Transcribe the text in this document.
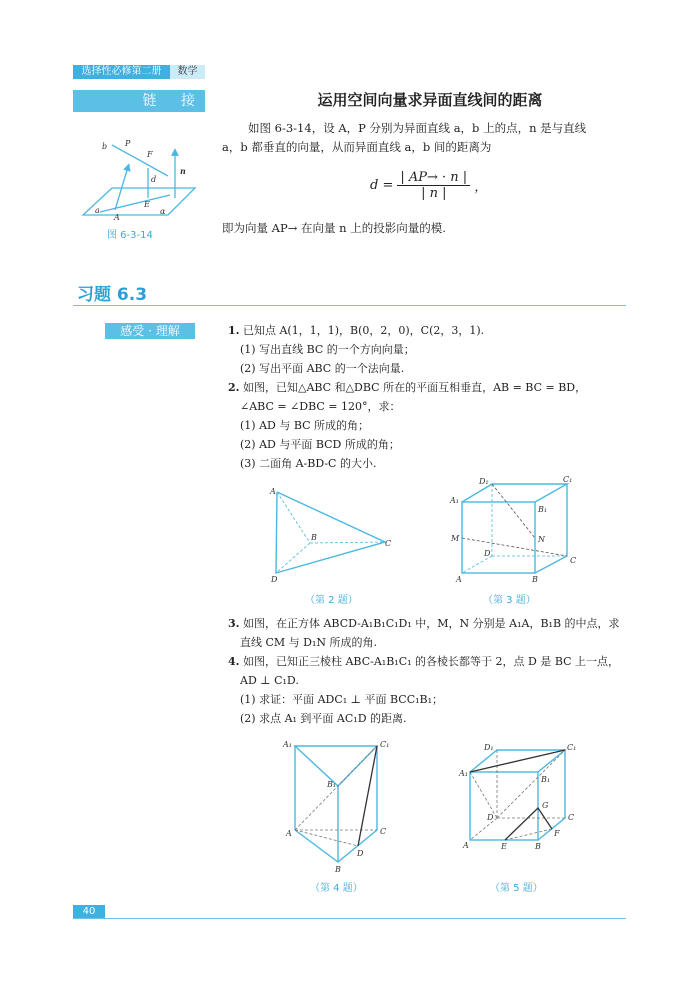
选择性必修第二册	数学
链 接	运用空间向量求异面直线间的距离
如图 6-3-14，设 A，P 分别为异面直线 a，b 上的点，n 是与直线
a，b 都垂直的向量，从而异面直线 a，b 间的距离为
$d = \frac{| AP\to \cdot n |}{| n |}$ ，
即为向量 AP→ 在向量 n 上的投影向量的模.
图 6-3-14
习题 6.3
感受 · 理解	1. 已知点 A(1，1，1)，B(0，2，0)，C(2，3，1).
(1) 写出直线 BC 的一个方向向量；
(2) 写出平面 ABC 的一个法向量.
2. 如图，已知△ABC 和△DBC 所在的平面互相垂直，AB = BC = BD，
∠ABC = ∠DBC = 120°，求：
(1) AD 与 BC 所成的角；
(2) AD 与平面 BCD 所成的角；
(3) 二面角 A-BD-C 的大小.
3. 如图，在正方体 ABCD-A₁B₁C₁D₁ 中，M，N 分别是 A₁A，B₁B 的中点，求
直线 CM 与 D₁N 所成的角.
4. 如图，已知正三棱柱 ABC-A₁B₁C₁ 的各棱长都等于 2，点 D 是 BC 上一点，
AD ⊥ C₁D.
(1) 求证：平面 ADC₁ ⊥ 平面 BCC₁B₁；
(2) 求点 A₁ 到平面 AC₁D 的距离.
（第 2 题）	（第 3 题）
（第 4 题）	（第 5 题）
b P
F
d
n
E
a
A
α
A
B
C
D
D₁	C₁
A₁
B₁
M	N
D
C
A	B
A₁	C₁
B₁
A	C
D
B
D₁	C₁
A₁
B₁
G
D	C
F
A	E	B
40
